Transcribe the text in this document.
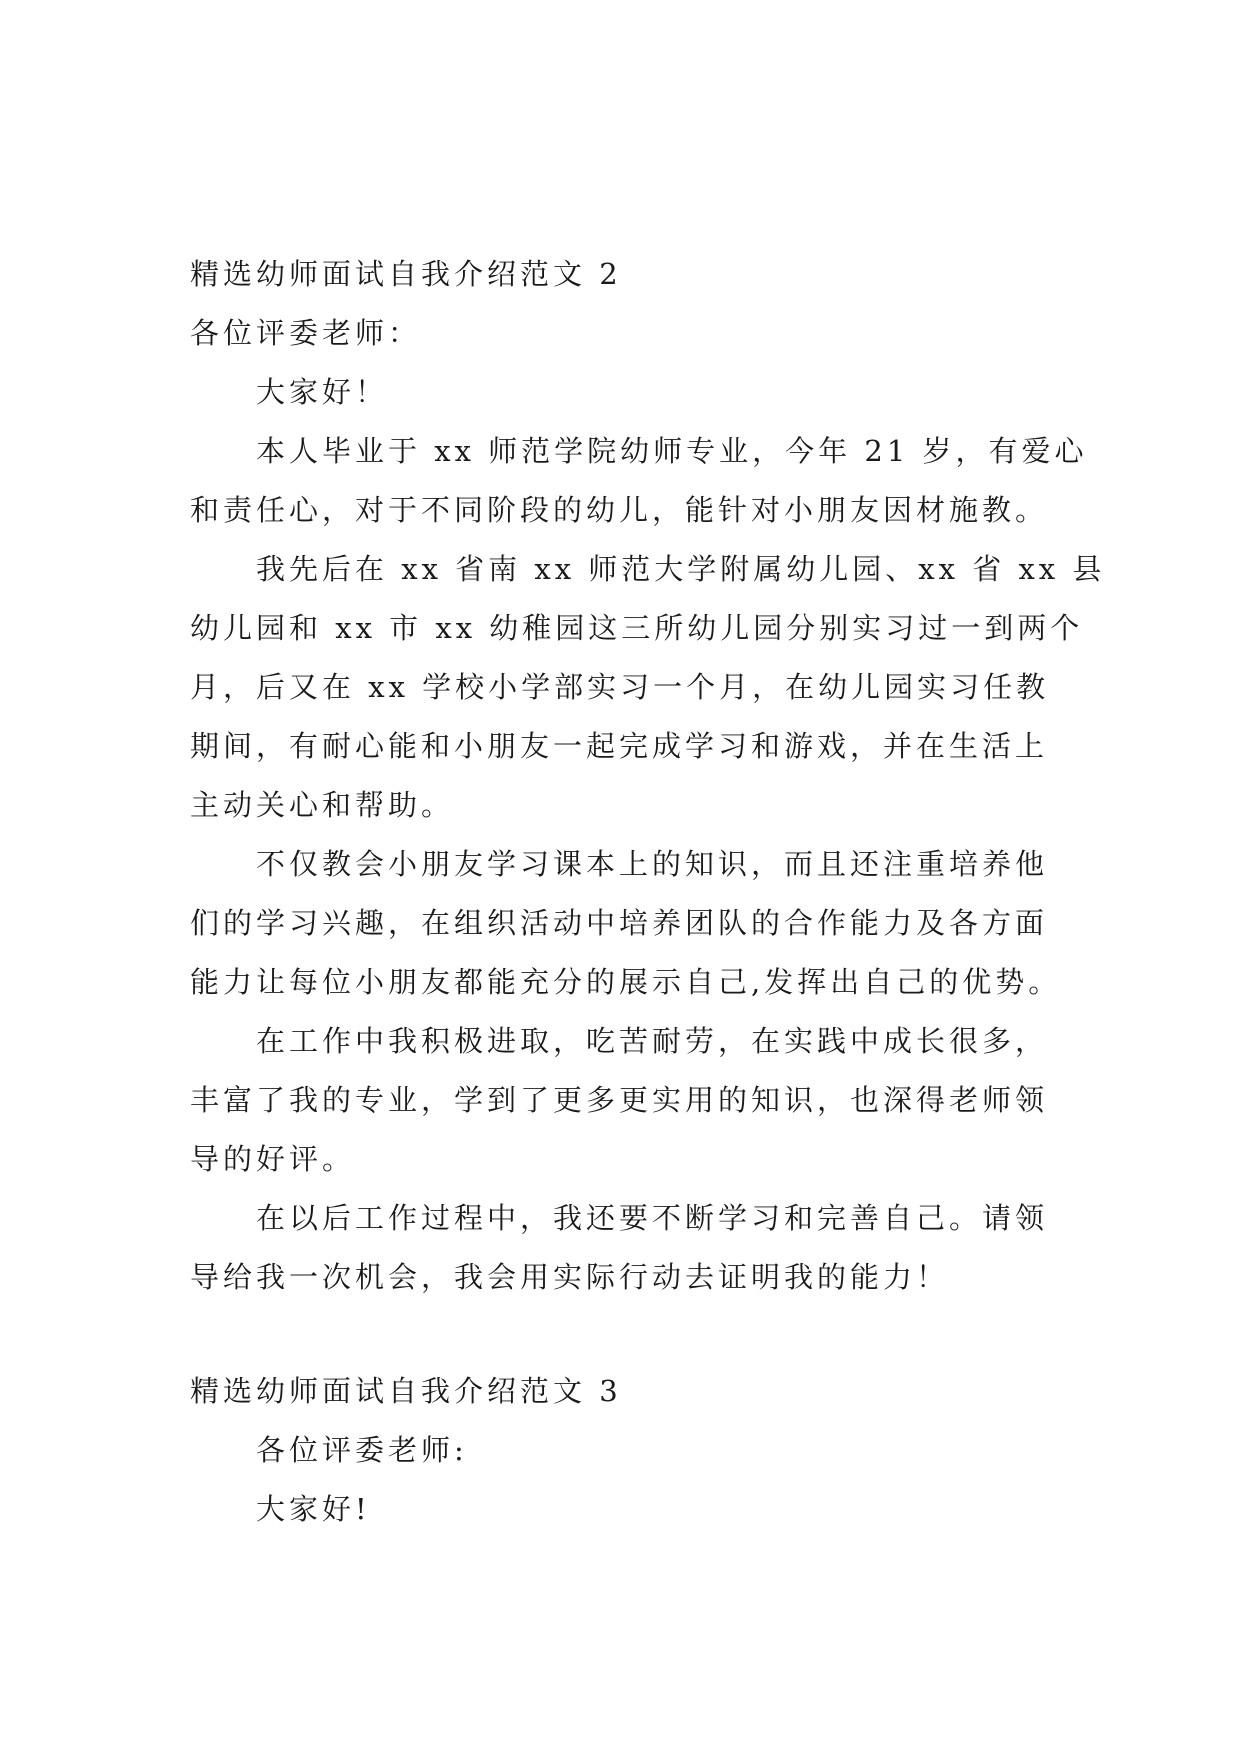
精选幼师面试自我介绍范文 2
各位评委老师：
大家好！
本人毕业于 xx 师范学院幼师专业，今年 21 岁，有爱心
和责任心，对于不同阶段的幼儿，能针对小朋友因材施教。
我先后在 xx 省南 xx 师范大学附属幼儿园、xx 省 xx 县
幼儿园和 xx 市 xx 幼稚园这三所幼儿园分别实习过一到两个
月，后又在 xx 学校小学部实习一个月，在幼儿园实习任教
期间，有耐心能和小朋友一起完成学习和游戏，并在生活上
主动关心和帮助。
不仅教会小朋友学习课本上的知识，而且还注重培养他
们的学习兴趣，在组织活动中培养团队的合作能力及各方面
能力让每位小朋友都能充分的展示自己,发挥出自己的优势。
在工作中我积极进取，吃苦耐劳，在实践中成长很多，
丰富了我的专业，学到了更多更实用的知识，也深得老师领
导的好评。
在以后工作过程中，我还要不断学习和完善自己。请领
导给我一次机会，我会用实际行动去证明我的能力！
精选幼师面试自我介绍范文 3
各位评委老师:
大家好!
